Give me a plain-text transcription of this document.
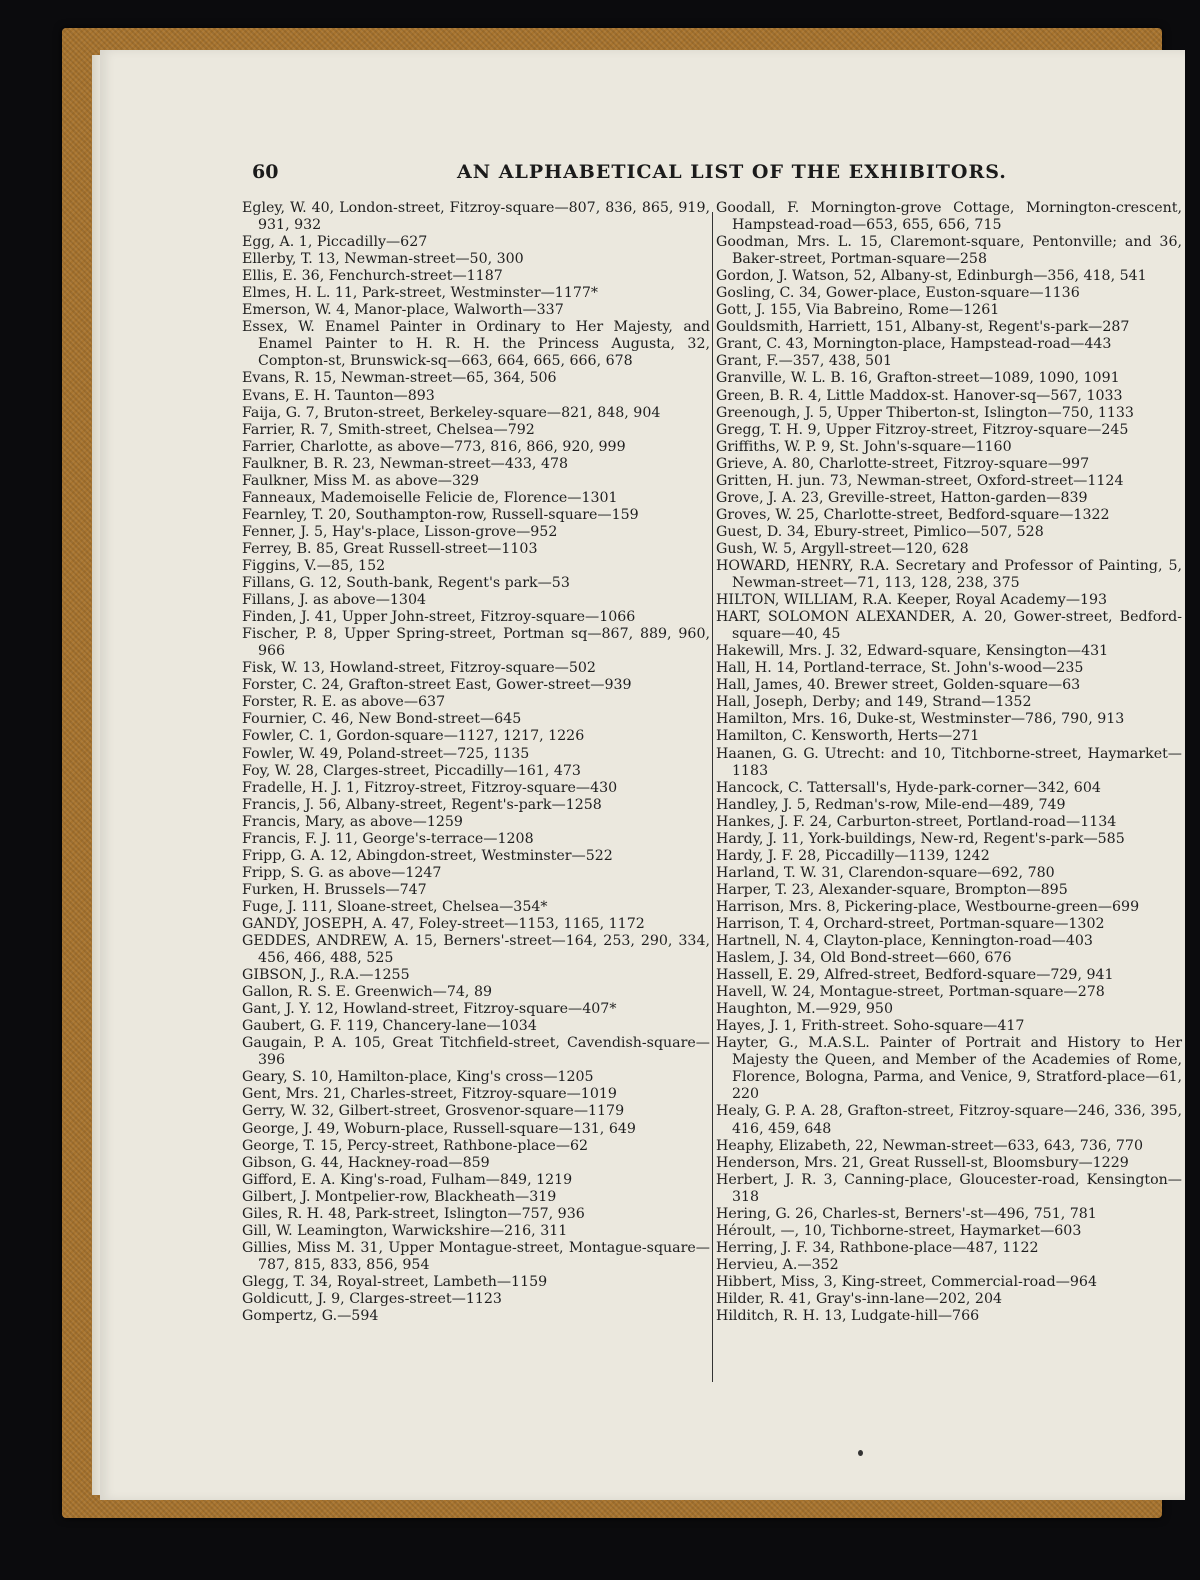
60	AN ALPHABETICAL LIST OF THE EXHIBITORS.
Egley, W. 40, London-street, Fitzroy-square—807, 836, 865, 919, 931, 932
Egg, A. 1, Piccadilly—627
Ellerby, T. 13, Newman-street—50, 300
Ellis, E. 36, Fenchurch-street—1187
Elmes, H. L. 11, Park-street, Westminster—1177*
Emerson, W. 4, Manor-place, Walworth—337
Essex, W. Enamel Painter in Ordinary to Her Majesty, and Enamel Painter to H. R. H. the Princess Augusta, 32, Compton-st, Brunswick-sq—663, 664, 665, 666, 678
Evans, R. 15, Newman-street—65, 364, 506
Evans, E. H. Taunton—893
Faija, G. 7, Bruton-street, Berkeley-square—821, 848, 904
Farrier, R. 7, Smith-street, Chelsea—792
Farrier, Charlotte, as above—773, 816, 866, 920, 999
Faulkner, B. R. 23, Newman-street—433, 478
Faulkner, Miss M. as above—329
Fanneaux, Mademoiselle Felicie de, Florence—1301
Fearnley, T. 20, Southampton-row, Russell-square—159
Fenner, J. 5, Hay's-place, Lisson-grove—952
Ferrey, B. 85, Great Russell-street—1103
Figgins, V.—85, 152
Fillans, G. 12, South-bank, Regent's park—53
Fillans, J. as above—1304
Finden, J. 41, Upper John-street, Fitzroy-square—1066
Fischer, P. 8, Upper Spring-street, Portman sq—867, 889, 960, 966
Fisk, W. 13, Howland-street, Fitzroy-square—502
Forster, C. 24, Grafton-street East, Gower-street—939
Forster, R. E. as above—637
Fournier, C. 46, New Bond-street—645
Fowler, C. 1, Gordon-square—1127, 1217, 1226
Fowler, W. 49, Poland-street—725, 1135
Foy, W. 28, Clarges-street, Piccadilly—161, 473
Fradelle, H. J. 1, Fitzroy-street, Fitzroy-square—430
Francis, J. 56, Albany-street, Regent's-park—1258
Francis, Mary, as above—1259
Francis, F. J. 11, George's-terrace—1208
Fripp, G. A. 12, Abingdon-street, Westminster—522
Fripp, S. G. as above—1247
Furken, H. Brussels—747
Fuge, J. 111, Sloane-street, Chelsea—354*
GANDY, JOSEPH, A. 47, Foley-street—1153, 1165, 1172
GEDDES, ANDREW, A. 15, Berners'-street—164, 253, 290, 334, 456, 466, 488, 525
GIBSON, J., R.A.—1255
Gallon, R. S. E. Greenwich—74, 89
Gant, J. Y. 12, Howland-street, Fitzroy-square—407*
Gaubert, G. F. 119, Chancery-lane—1034
Gaugain, P. A. 105, Great Titchfield-street, Cavendish-square—396
Geary, S. 10, Hamilton-place, King's cross—1205
Gent, Mrs. 21, Charles-street, Fitzroy-square—1019
Gerry, W. 32, Gilbert-street, Grosvenor-square—1179
George, J. 49, Woburn-place, Russell-square—131, 649
George, T. 15, Percy-street, Rathbone-place—62
Gibson, G. 44, Hackney-road—859
Gifford, E. A. King's-road, Fulham—849, 1219
Gilbert, J. Montpelier-row, Blackheath—319
Giles, R. H. 48, Park-street, Islington—757, 936
Gill, W. Leamington, Warwickshire—216, 311
Gillies, Miss M. 31, Upper Montague-street, Montague-square—787, 815, 833, 856, 954
Glegg, T. 34, Royal-street, Lambeth—1159
Goldicutt, J. 9, Clarges-street—1123
Gompertz, G.—594
Goodall, F. Mornington-grove Cottage, Mornington-crescent, Hampstead-road—653, 655, 656, 715
Goodman, Mrs. L. 15, Claremont-square, Pentonville; and 36, Baker-street, Portman-square—258
Gordon, J. Watson, 52, Albany-st, Edinburgh—356, 418, 541
Gosling, C. 34, Gower-place, Euston-square—1136
Gott, J. 155, Via Babreino, Rome—1261
Gouldsmith, Harriett, 151, Albany-st, Regent's-park—287
Grant, C. 43, Mornington-place, Hampstead-road—443
Grant, F.—357, 438, 501
Granville, W. L. B. 16, Grafton-street—1089, 1090, 1091
Green, B. R. 4, Little Maddox-st. Hanover-sq—567, 1033
Greenough, J. 5, Upper Thiberton-st, Islington—750, 1133
Gregg, T. H. 9, Upper Fitzroy-street, Fitzroy-square—245
Griffiths, W. P. 9, St. John's-square—1160
Grieve, A. 80, Charlotte-street, Fitzroy-square—997
Gritten, H. jun. 73, Newman-street, Oxford-street—1124
Grove, J. A. 23, Greville-street, Hatton-garden—839
Groves, W. 25, Charlotte-street, Bedford-square—1322
Guest, D. 34, Ebury-street, Pimlico—507, 528
Gush, W. 5, Argyll-street—120, 628
HOWARD, HENRY, R.A. Secretary and Professor of Painting, 5, Newman-street—71, 113, 128, 238, 375
HILTON, WILLIAM, R.A. Keeper, Royal Academy—193
HART, SOLOMON ALEXANDER, A. 20, Gower-street, Bedford-square—40, 45
Hakewill, Mrs. J. 32, Edward-square, Kensington—431
Hall, H. 14, Portland-terrace, St. John's-wood—235
Hall, James, 40. Brewer street, Golden-square—63
Hall, Joseph, Derby; and 149, Strand—1352
Hamilton, Mrs. 16, Duke-st, Westminster—786, 790, 913
Hamilton, C. Kensworth, Herts—271
Haanen, G. G. Utrecht: and 10, Titchborne-street, Haymarket—1183
Hancock, C. Tattersall's, Hyde-park-corner—342, 604
Handley, J. 5, Redman's-row, Mile-end—489, 749
Hankes, J. F. 24, Carburton-street, Portland-road—1134
Hardy, J. 11, York-buildings, New-rd, Regent's-park—585
Hardy, J. F. 28, Piccadilly—1139, 1242
Harland, T. W. 31, Clarendon-square—692, 780
Harper, T. 23, Alexander-square, Brompton—895
Harrison, Mrs. 8, Pickering-place, Westbourne-green—699
Harrison, T. 4, Orchard-street, Portman-square—1302
Hartnell, N. 4, Clayton-place, Kennington-road—403
Haslem, J. 34, Old Bond-street—660, 676
Hassell, E. 29, Alfred-street, Bedford-square—729, 941
Havell, W. 24, Montague-street, Portman-square—278
Haughton, M.—929, 950
Hayes, J. 1, Frith-street. Soho-square—417
Hayter, G., M.A.S.L. Painter of Portrait and History to Her Majesty the Queen, and Member of the Academies of Rome, Florence, Bologna, Parma, and Venice, 9, Stratford-place—61, 220
Healy, G. P. A. 28, Grafton-street, Fitzroy-square—246, 336, 395, 416, 459, 648
Heaphy, Elizabeth, 22, Newman-street—633, 643, 736, 770
Henderson, Mrs. 21, Great Russell-st, Bloomsbury—1229
Herbert, J. R. 3, Canning-place, Gloucester-road, Kensington—318
Hering, G. 26, Charles-st, Berners'-st—496, 751, 781
Héroult, —, 10, Tichborne-street, Haymarket—603
Herring, J. F. 34, Rathbone-place—487, 1122
Hervieu, A.—352
Hibbert, Miss, 3, King-street, Commercial-road—964
Hilder, R. 41, Gray's-inn-lane—202, 204
Hilditch, R. H. 13, Ludgate-hill—766
